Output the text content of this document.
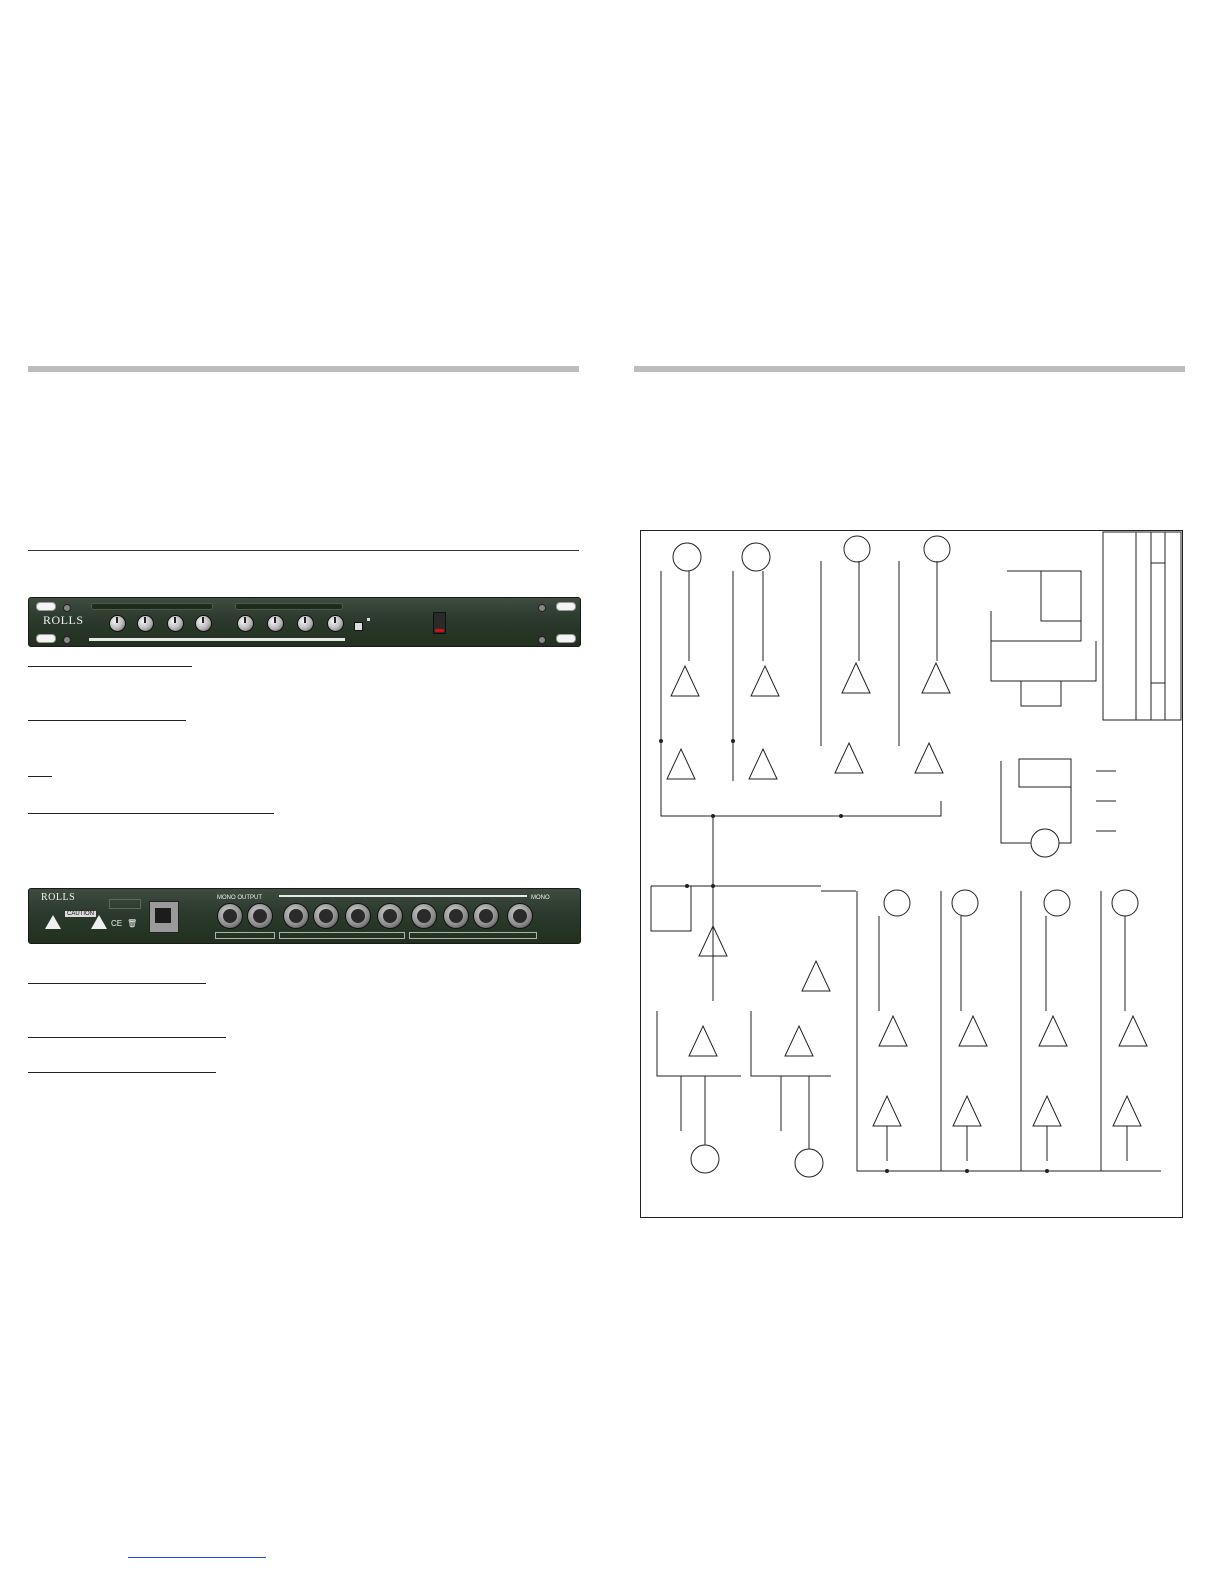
ROLLS
ROLLS
CAUTION
CE 🗑
MONO OUTPUT	MONO
